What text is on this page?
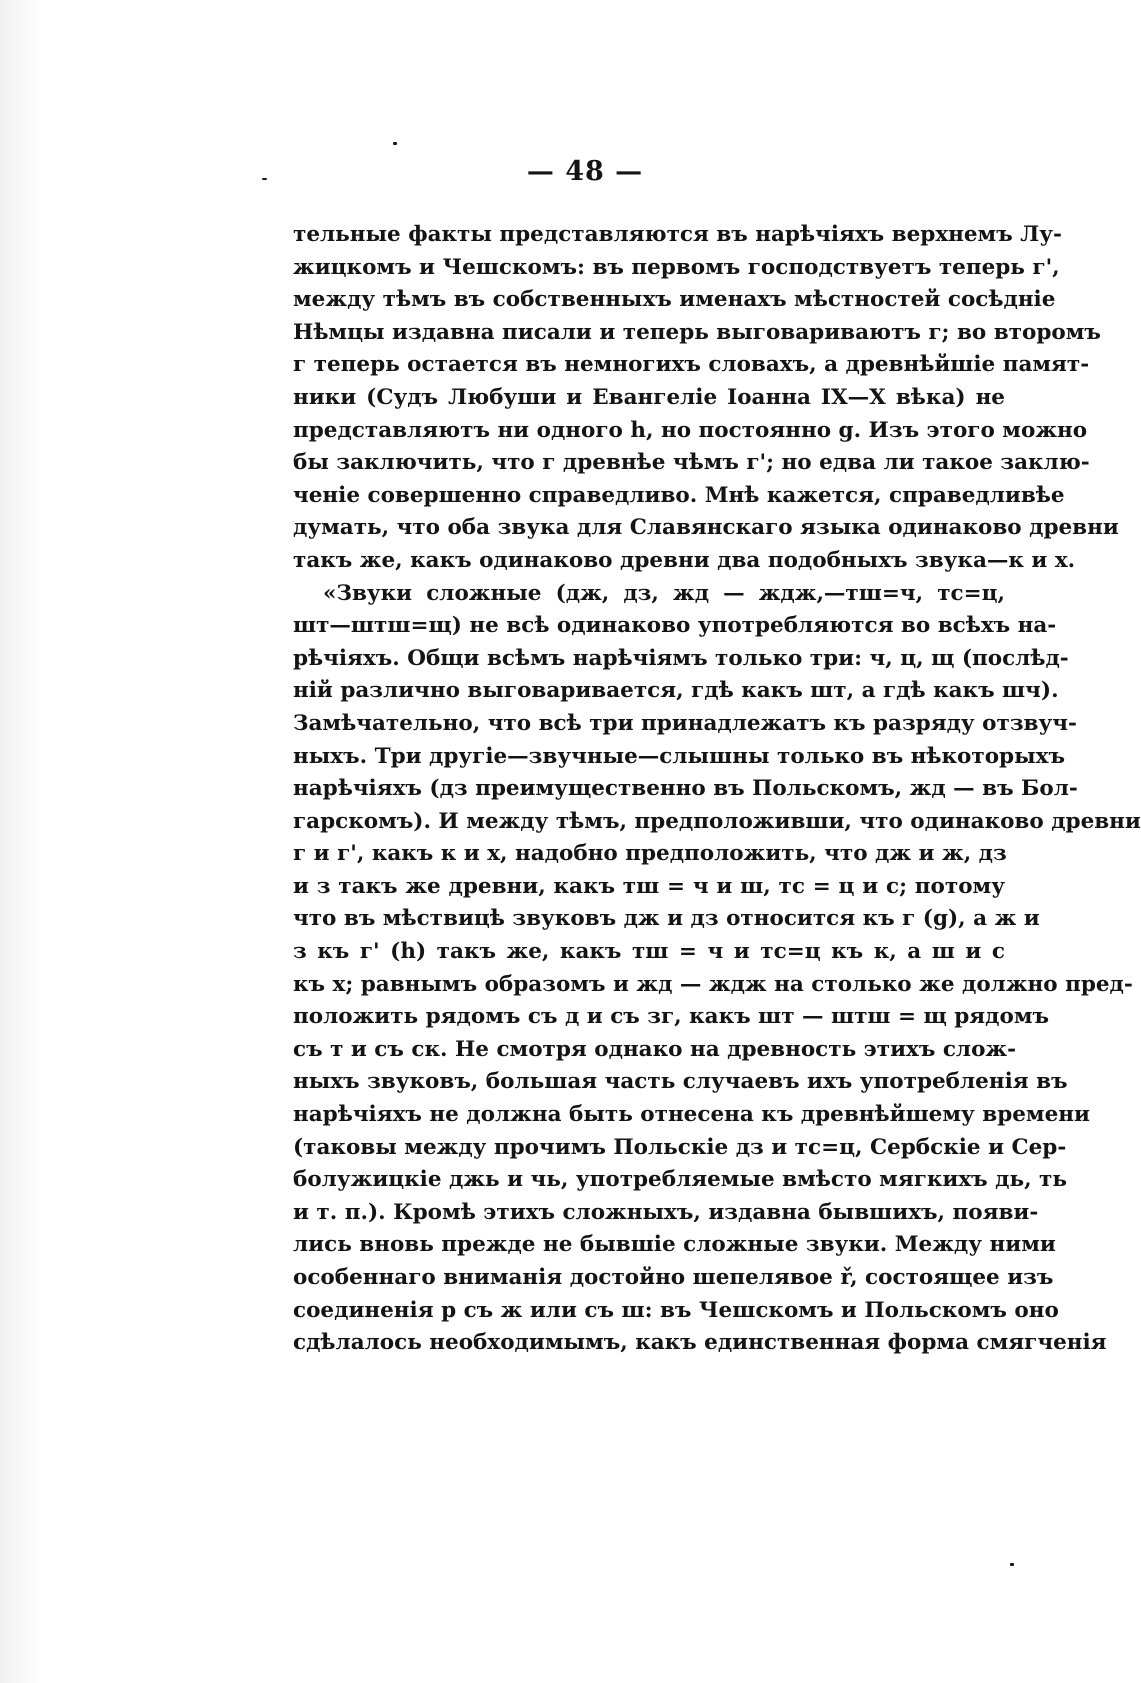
— 48 —
тельные факты представляются въ нарѣчіяхъ верхнемъ Лу-
жицкомъ и Чешскомъ: въ первомъ господствуетъ теперь г',
между тѣмъ въ собственныхъ именахъ мѣстностей сосѣдніе
Нѣмцы издавна писали и теперь выговариваютъ г; во второмъ
г теперь остается въ немногихъ словахъ, а древнѣйшіе памят-
ники (Судъ Любуши и Евангеліе Іоанна IX—X вѣка) не
представляютъ ни одного h, но постоянно g. Изъ этого можно
бы заключить, что г древнѣе чѣмъ г'; но едва ли такое заклю-
ченіе совершенно справедливо. Мнѣ кажется, справедливѣе
думать, что оба звука для Славянскаго языка одинаково древни
такъ же, какъ одинаково древни два подобныхъ звука—к и х.
«Звуки сложные (дж, дз, жд — ждж,—тш=ч, тс=ц,
шт—штш=щ) не всѣ одинаково употребляются во всѣхъ на-
рѣчіяхъ. Общи всѣмъ нарѣчіямъ только три: ч, ц, щ (послѣд-
ній различно выговаривается, гдѣ какъ шт, а гдѣ какъ шч).
Замѣчательно, что всѣ три принадлежатъ къ разряду отзвуч-
ныхъ. Три другіе—звучные—слышны только въ нѣкоторыхъ
нарѣчіяхъ (дз преимущественно въ Польскомъ, жд — въ Бол-
гарскомъ). И между тѣмъ, предположивши, что одинаково древни
г и г', какъ к и х, надобно предположить, что дж и ж, дз
и з такъ же древни, какъ тш = ч и ш, тс = ц и с; потому
что въ мѣствицѣ звуковъ дж и дз относится къ г (g), а ж и
з къ г' (h) такъ же, какъ тш = ч и тс=ц къ к, а ш и с
къ х; равнымъ образомъ и жд — ждж на столько же должно пред-
положить рядомъ съ д и съ зг, какъ шт — штш = щ рядомъ
съ т и съ ск. Не смотря однако на древность этихъ слож-
ныхъ звуковъ, большая часть случаевъ ихъ употребленія въ
нарѣчіяхъ не должна быть отнесена къ древнѣйшему времени
(таковы между прочимъ Польскіе дз и тс=ц, Сербскіе и Сер-
болужицкіе джь и чь, употребляемые вмѣсто мягкихъ дь, ть
и т. п.). Кромѣ этихъ сложныхъ, издавна бывшихъ, появи-
лись вновь прежде не бывшіе сложные звуки. Между ними
особеннаго вниманія достойно шепелявое ř, состоящее изъ
соединенія р съ ж или съ ш: въ Чешскомъ и Польскомъ оно
сдѣлалось необходимымъ, какъ единственная форма смягченія
